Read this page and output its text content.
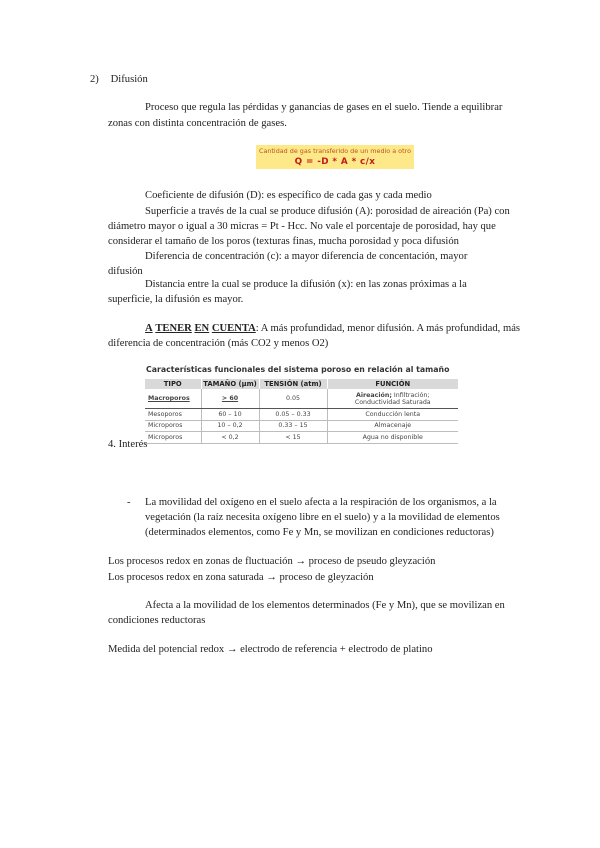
2) Difusión
Proceso que regula las pérdidas y ganancias de gases en el suelo. Tiende a equilibrar
zonas con distinta concentración de gases.
Cantidad de gas transferido de un medio a otro
Q = -D * A * c/x
Coeficiente de difusión (D): es específico de cada gas y cada medio
Superficie a través de la cual se produce difusión (A): porosidad de aireación (Pa) con
diámetro mayor o igual a 30 micras = Pt - Hcc. No vale el porcentaje de porosidad, hay que
considerar el tamaño de los poros (texturas finas, mucha porosidad y poca difusión
Diferencia de concentración (c): a mayor diferencia de concentación, mayor
difusión
Distancia entre la cual se produce la difusión (x): en las zonas próximas a la
superficie, la difusión es mayor.
A TENER EN CUENTA: A más profundidad, menor difusión. A más profundidad, más
diferencia de concentración (más CO2 y menos O2)
Características funcionales del sistema poroso en relación al tamaño
TIPO	TAMAÑO (µm)	TENSIÓN (atm)	FUNCIÓN
Macroporos	> 60	0.05	Aireación; Infiltración;
Conductividad Saturada

Mesoporos	60 – 10	0.05 – 0.33	Conducción lenta
Microporos	10 – 0,2	0.33 – 15	Almacenaje
Microporos	< 0,2	< 15	Agua no disponible
4. Interés
- La movilidad del oxígeno en el suelo afecta a la respiración de los organismos, a la
vegetación (la raíz necesita oxígeno libre en el suelo) y a la movilidad de elementos
(determinados elementos, como Fe y Mn, se movilizan en condiciones reductoras)
Los procesos redox en zonas de fluctuación → proceso de pseudo gleyzación
Los procesos redox en zona saturada → proceso de gleyzación
Afecta a la movilidad de los elementos determinados (Fe y Mn), que se movilizan en
condiciones reductoras
Medida del potencial redox → electrodo de referencia + electrodo de platino
